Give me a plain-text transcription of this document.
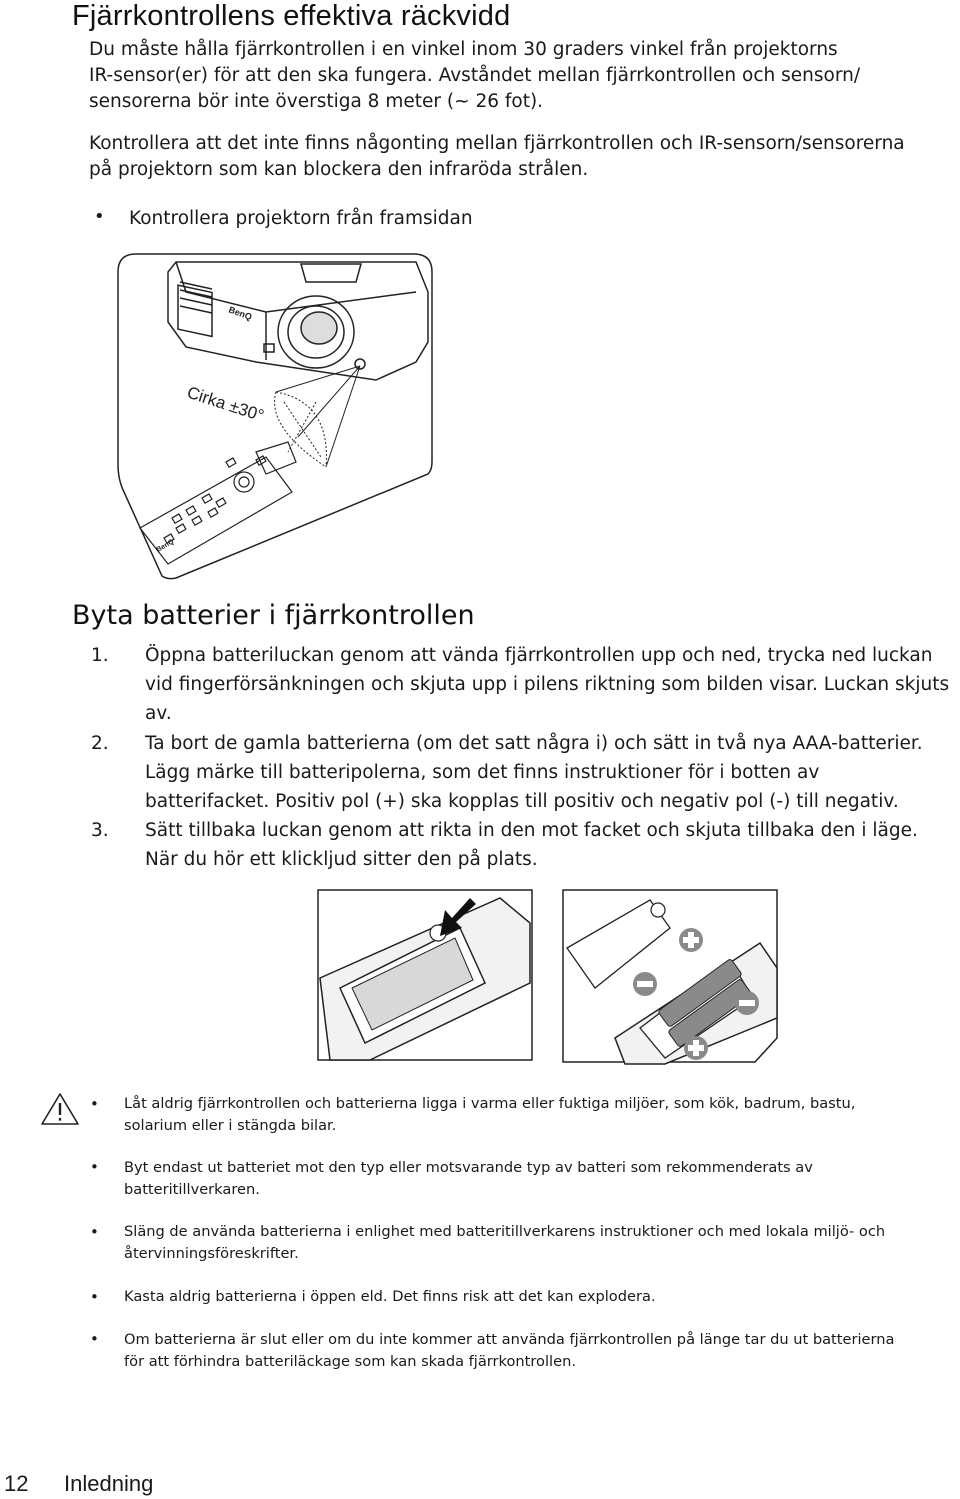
Fjärrkontrollens effektiva räckvidd

Du måste hålla fjärrkontrollen i en vinkel inom 30 graders vinkel från projektorns
IR-sensor(er) för att den ska fungera. Avståndet mellan fjärrkontrollen och sensorn/
sensorerna bör inte överstiga 8 meter (~ 26 fot).

Kontrollera att det inte finns någonting mellan fjärrkontrollen och IR-sensorn/sensorerna
på projektorn som kan blockera den infraröda strålen.

• Kontrollera projektorn från framsidan
BenQ
Cirka ±30°
BenQ
Byta batterier i fjärrkontrollen
1. Öppna batteriluckan genom att vända fjärrkontrollen upp och ned, trycka ned luckan
vid fingerförsänkningen och skjuta upp i pilens riktning som bilden visar. Luckan skjuts
av.
2. Ta bort de gamla batterierna (om det satt några i) och sätt in två nya AAA-batterier.
Lägg märke till batteripolerna, som det finns instruktioner för i botten av
batterifacket. Positiv pol (+) ska kopplas till positiv och negativ pol (-) till negativ.
3. Sätt tillbaka luckan genom att rikta in den mot facket och skjuta tillbaka den i läge.
När du hör ett klickljud sitter den på plats.
• Låt aldrig fjärrkontrollen och batterierna ligga i varma eller fuktiga miljöer, som kök, badrum, bastu,
solarium eller i stängda bilar.
• Byt endast ut batteriet mot den typ eller motsvarande typ av batteri som rekommenderats av
batteritillverkaren.
• Släng de använda batterierna i enlighet med batteritillverkarens instruktioner och med lokala miljö- och
återvinningsföreskrifter.
• Kasta aldrig batterierna i öppen eld. Det finns risk att det kan explodera.
• Om batterierna är slut eller om du inte kommer att använda fjärrkontrollen på länge tar du ut batterierna
för att förhindra batteriläckage som kan skada fjärrkontrollen.
12 Inledning
